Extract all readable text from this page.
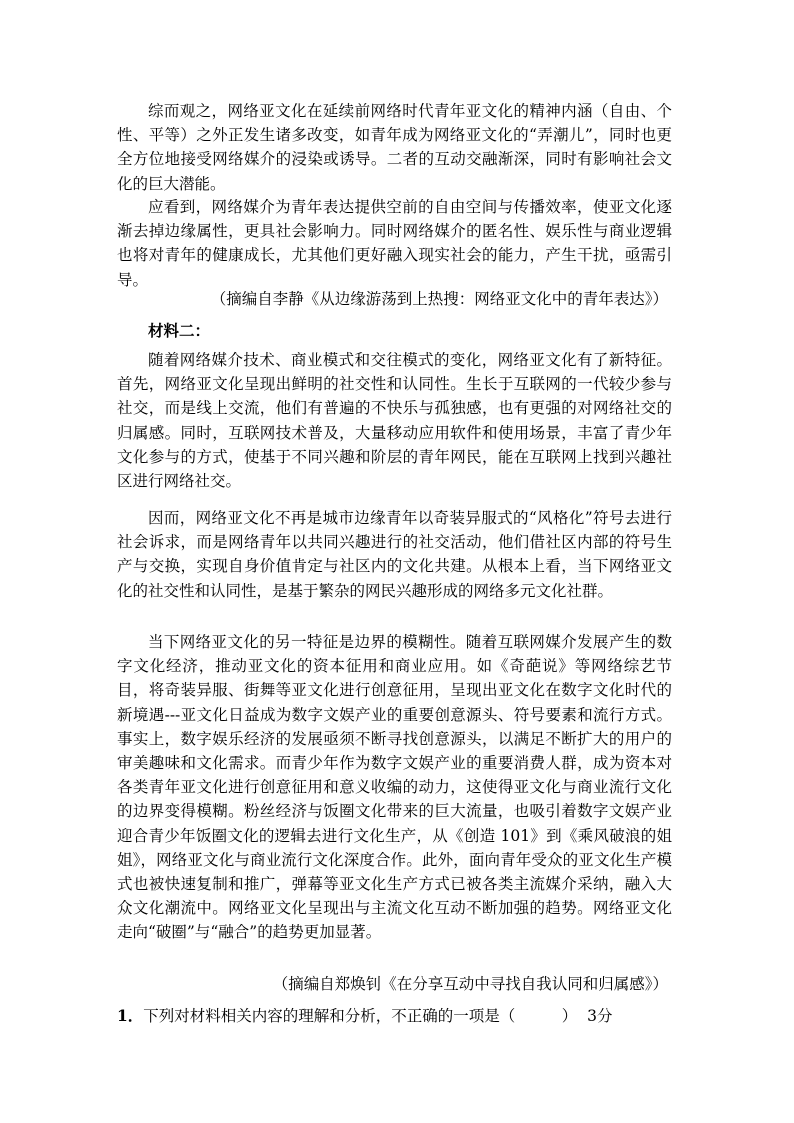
综而观之，网络亚文化在延续前网络时代青年亚文化的精神内涵（自由、个性、平等）之外正发生诸多改变，如青年成为网络亚文化的“弄潮儿”，同时也更全方位地接受网络媒介的浸染或诱导。二者的互动交融渐深，同时有影响社会文化的巨大潜能。

应看到，网络媒介为青年表达提供空前的自由空间与传播效率，使亚文化逐渐去掉边缘属性，更具社会影响力。同时网络媒介的匿名性、娱乐性与商业逻辑也将对青年的健康成长，尤其他们更好融入现实社会的能力，产生干扰，亟需引导。

（摘编自李静《从边缘游荡到上热搜：网络亚文化中的青年表达》）

材料二：

随着网络媒介技术、商业模式和交往模式的变化，网络亚文化有了新特征。首先，网络亚文化呈现出鲜明的社交性和认同性。生长于互联网的一代较少参与社交，而是线上交流，他们有普遍的不快乐与孤独感，也有更强的对网络社交的归属感。同时，互联网技术普及，大量移动应用软件和使用场景，丰富了青少年文化参与的方式，使基于不同兴趣和阶层的青年网民，能在互联网上找到兴趣社区进行网络社交。

因而，网络亚文化不再是城市边缘青年以奇装异服式的“风格化”符号去进行社会诉求，而是网络青年以共同兴趣进行的社交活动，他们借社区内部的符号生产与交换，实现自身价值肯定与社区内的文化共建。从根本上看，当下网络亚文化的社交性和认同性，是基于繁杂的网民兴趣形成的网络多元文化社群。

当下网络亚文化的另一特征是边界的模糊性。随着互联网媒介发展产生的数字文化经济，推动亚文化的资本征用和商业应用。如《奇葩说》等网络综艺节目，将奇装异服、街舞等亚文化进行创意征用，呈现出亚文化在数字文化时代的新境遇---亚文化日益成为数字文娱产业的重要创意源头、符号要素和流行方式。事实上，数字娱乐经济的发展亟须不断寻找创意源头，以满足不断扩大的用户的审美趣味和文化需求。而青少年作为数字文娱产业的重要消费人群，成为资本对各类青年亚文化进行创意征用和意义收编的动力，这使得亚文化与商业流行文化的边界变得模糊。粉丝经济与饭圈文化带来的巨大流量，也吸引着数字文娱产业迎合青少年饭圈文化的逻辑去进行文化生产，从《创造 101》到《乘风破浪的姐姐》，网络亚文化与商业流行文化深度合作。此外，面向青年受众的亚文化生产模式也被快速复制和推广，弹幕等亚文化生产方式已被各类主流媒介采纳，融入大众文化潮流中。网络亚文化呈现出与主流文化互动不断加强的趋势。网络亚文化走向“破圈”与“融合”的趋势更加显著。

（摘编自郑焕钊《在分享互动中寻找自我认同和归属感》）

1．下列对材料相关内容的理解和分析，不正确的一项是（　　　） 3分
